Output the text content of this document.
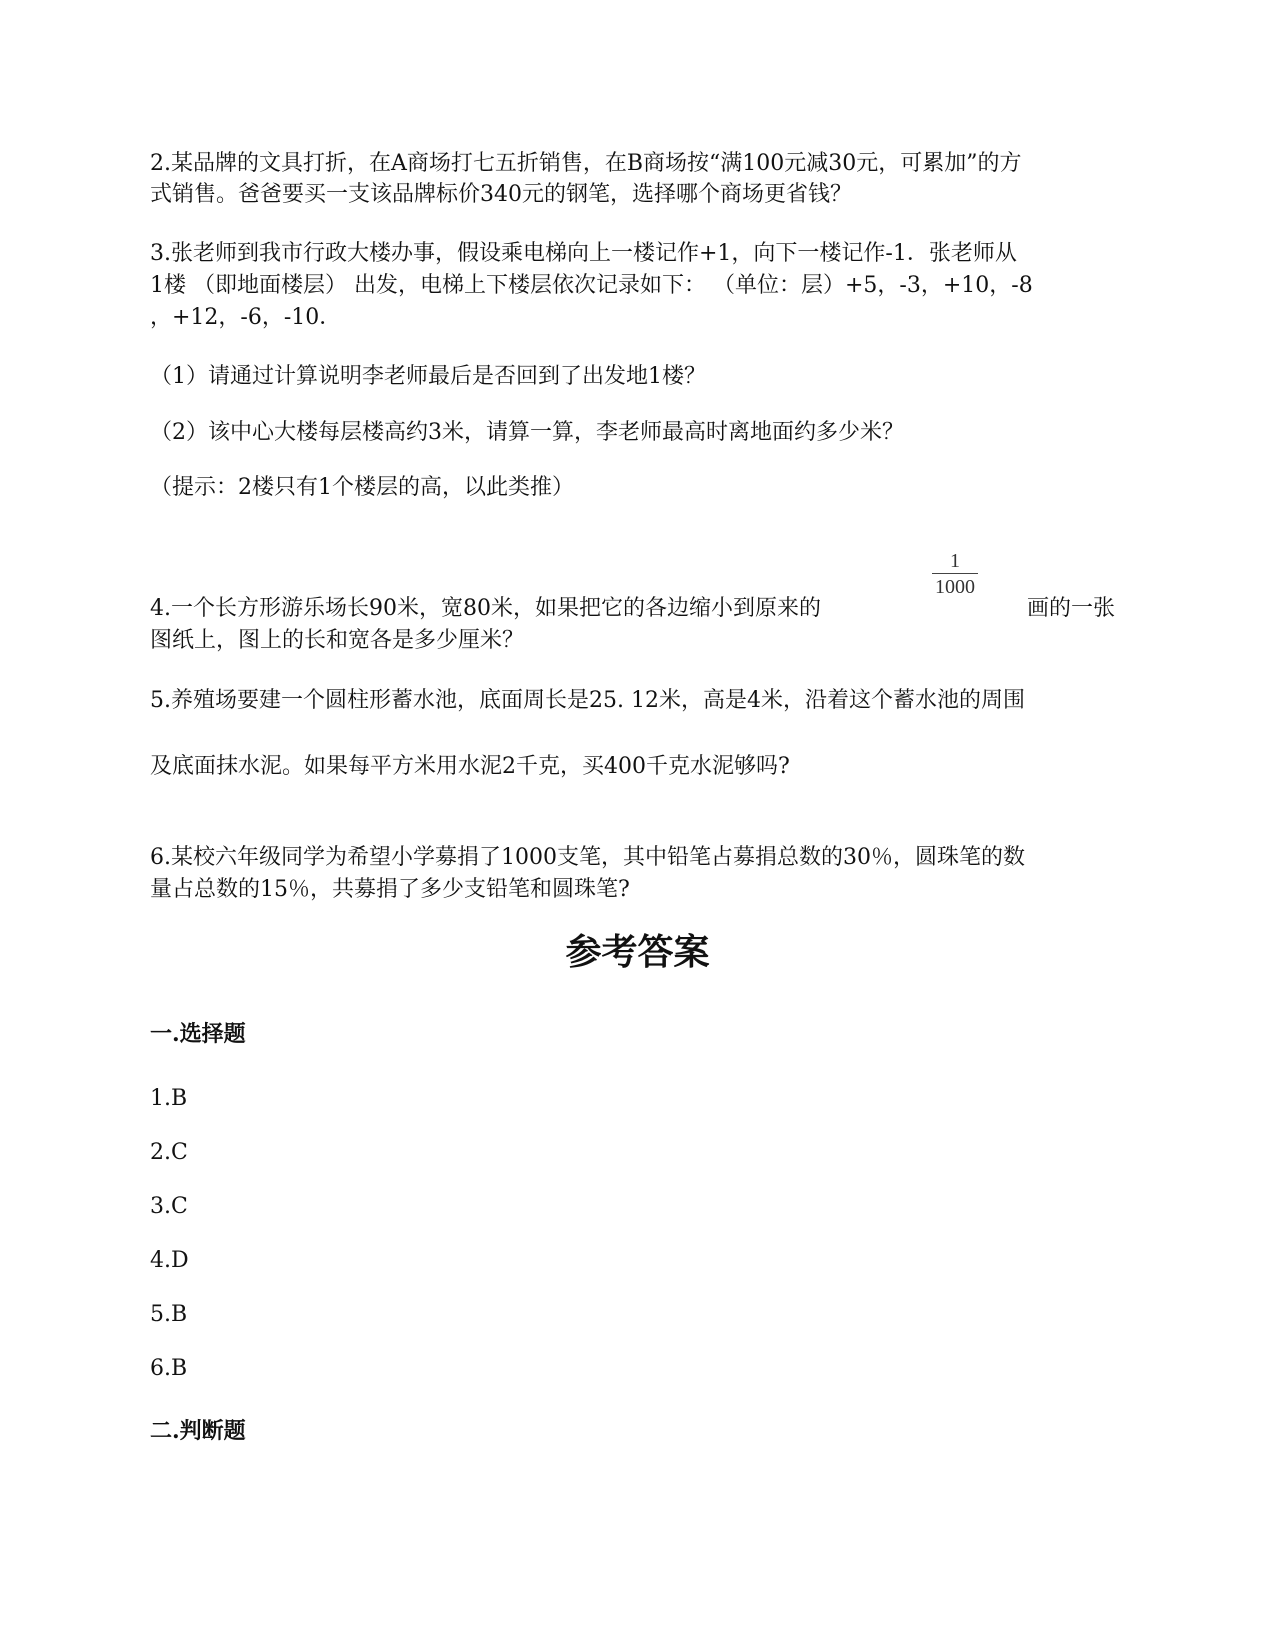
2.某品牌的文具打折，在A商场打七五折销售，在B商场按“满100元减30元，可累加”的方

式销售。爸爸要买一支该品牌标价340元的钢笔，选择哪个商场更省钱？

3.张老师到我市行政大楼办事，假设乘电梯向上一楼记作+1，向下一楼记作-1．张老师从

1楼 （即地面楼层） 出发，电梯上下楼层依次记录如下： （单位：层）+5，-3，+10，-8

，+12，-6，-10．

（1）请通过计算说明李老师最后是否回到了出发地1楼？

（2）该中心大楼每层楼高约3米，请算一算，李老师最高时离地面约多少米？

（提示：2楼只有1个楼层的高，以此类推）

1
1000

4.一个长方形游乐场长90米，宽80米，如果把它的各边缩小到原来的	画的一张

图纸上，图上的长和宽各是多少厘米？

5.养殖场要建一个圆柱形蓄水池，底面周长是25. 12米，高是4米，沿着这个蓄水池的周围

及底面抹水泥。如果每平方米用水泥2千克，买400千克水泥够吗?

6.某校六年级同学为希望小学募捐了1000支笔，其中铅笔占募捐总数的30％，圆珠笔的数

量占总数的15％，共募捐了多少支铅笔和圆珠笔?

参考答案
一.选择题

1.B

2.C

3.C

4.D

5.B

6.B

二.判断题
